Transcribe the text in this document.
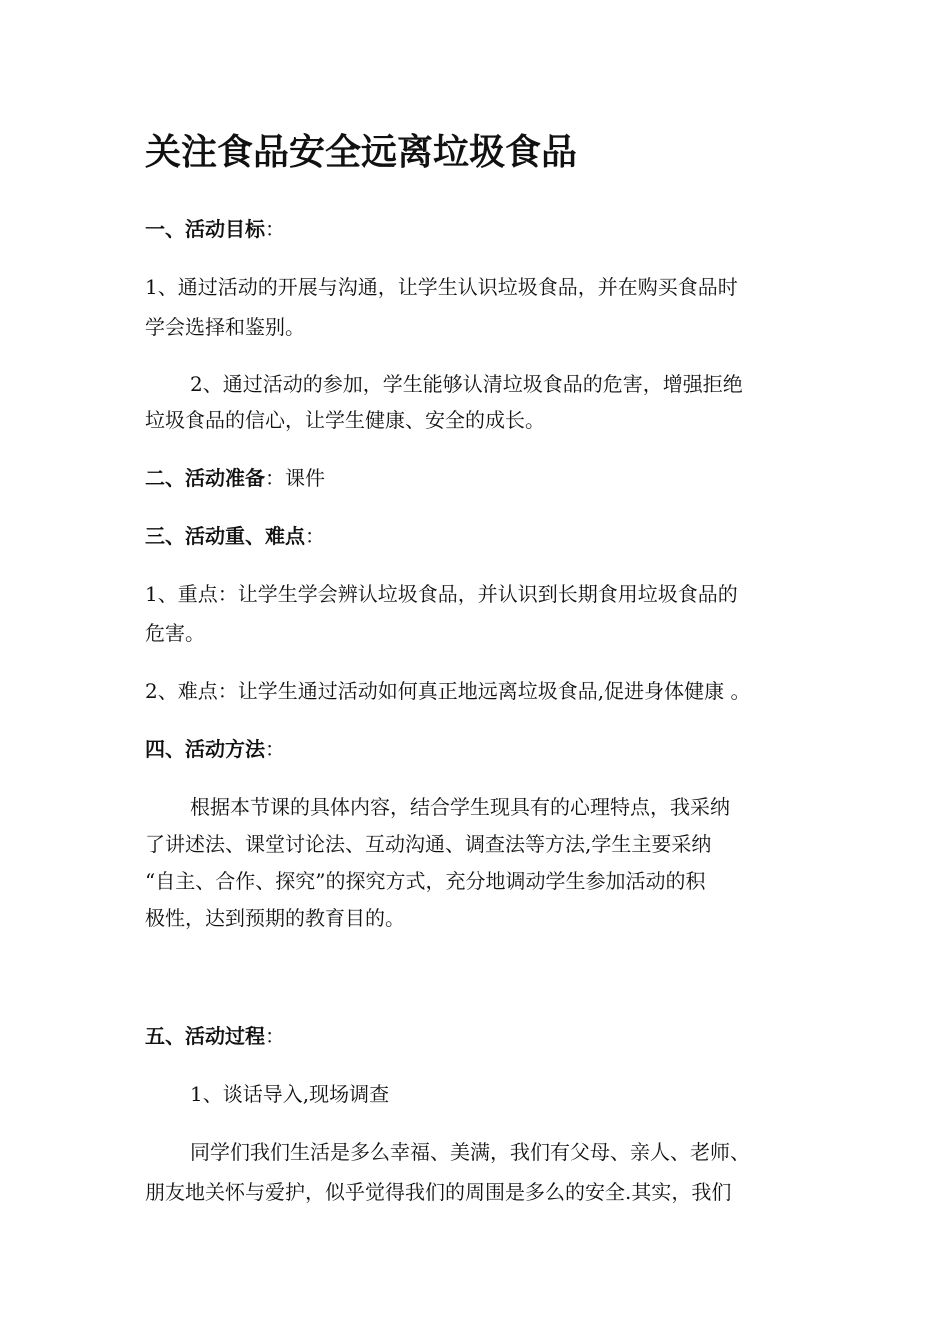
关注食品安全远离垃圾食品

一、活动目标：

1、通过活动的开展与沟通，让学生认识垃圾食品，并在购买食品时

学会选择和鉴别。

2、通过活动的参加，学生能够认清垃圾食品的危害，增强拒绝

垃圾食品的信心，让学生健康、安全的成长。

二、活动准备：课件

三、活动重、难点：

1、重点：让学生学会辨认垃圾食品，并认识到长期食用垃圾食品的

危害。

2、难点：让学生通过活动如何真正地远离垃圾食品,促进身体健康 。

四、活动方法：

根据本节课的具体内容，结合学生现具有的心理特点，我采纳

了讲述法、课堂讨论法、互动沟通、调查法等方法,学生主要采纳

“自主、合作、探究”的探究方式，充分地调动学生参加活动的积

极性，达到预期的教育目的。

五、活动过程：

1、谈话导入,现场调查

同学们我们生活是多么幸福、美满，我们有父母、亲人、老师、

朋友地关怀与爱护，似乎觉得我们的周围是多么的安全.其实，我们
